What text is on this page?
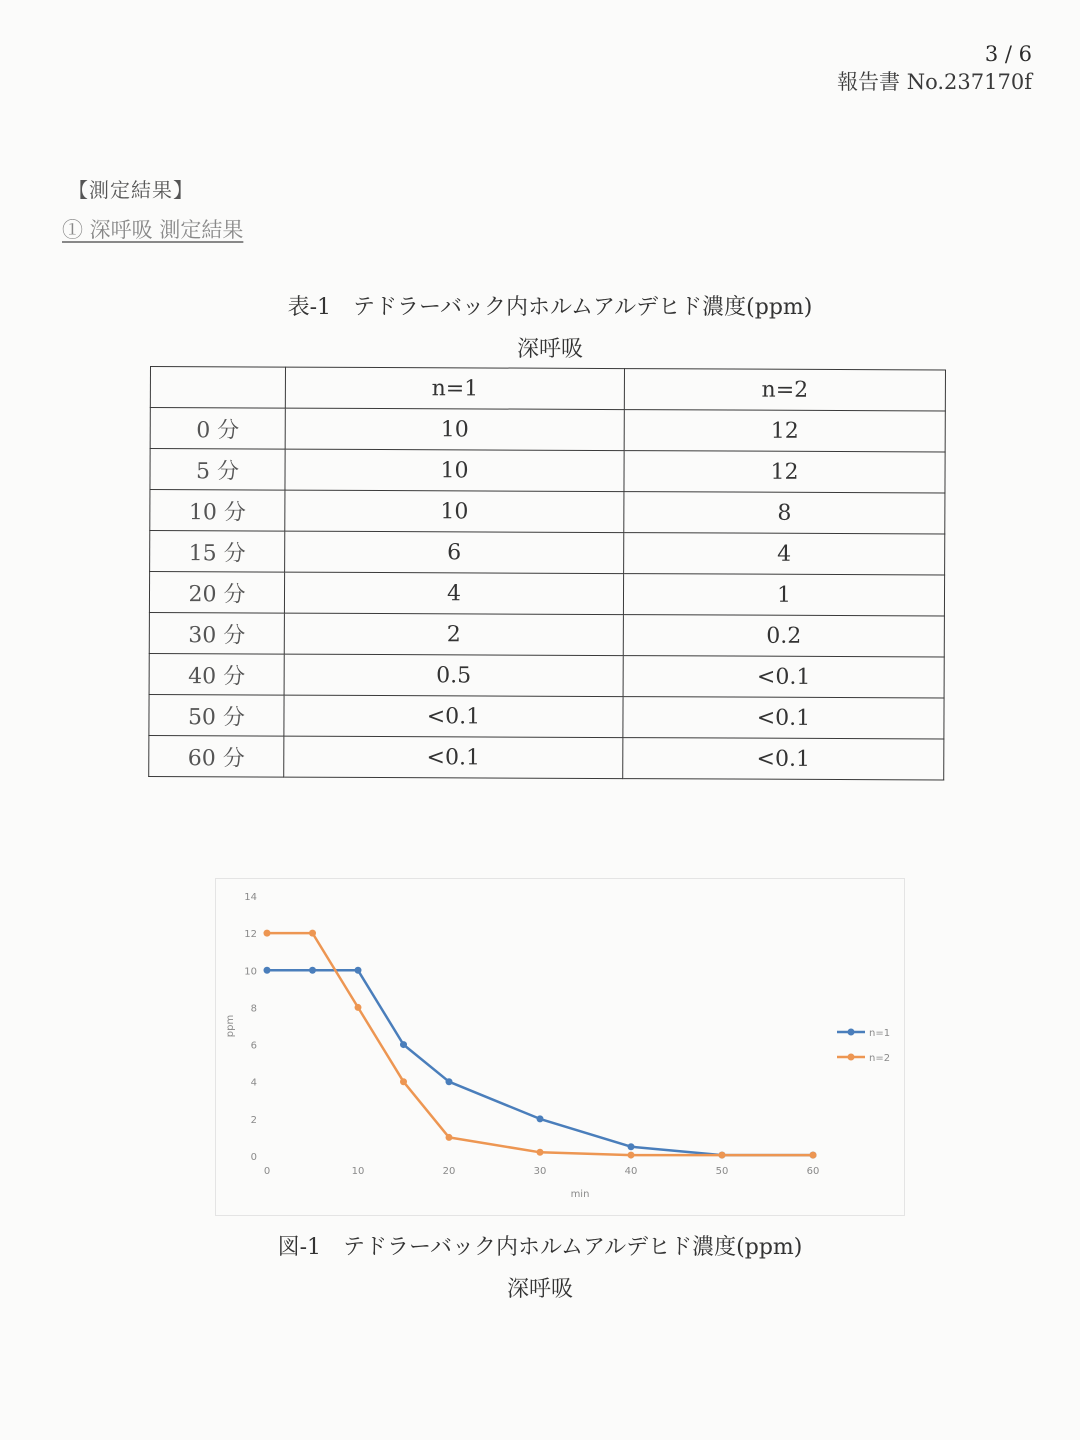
3 / 6
報告書 No.237170f
【測定結果】
① 深呼吸 測定結果
表-1　テドラーバック内ホルムアルデヒド濃度(ppm)
深呼吸
	n=1	n=2
0 分	10	12
5 分	10	12
10 分	10	8
15 分	6	4
20 分	4	1
30 分	2	0.2
40 分	0.5	<0.1
50 分	<0.1	<0.1
60 分	<0.1	<0.1
0
2
4
6
8
10
12
14
0	10	20	30	40	50	60
min
ppm	n=1
n=2
図-1　テドラーバック内ホルムアルデヒド濃度(ppm)
深呼吸
